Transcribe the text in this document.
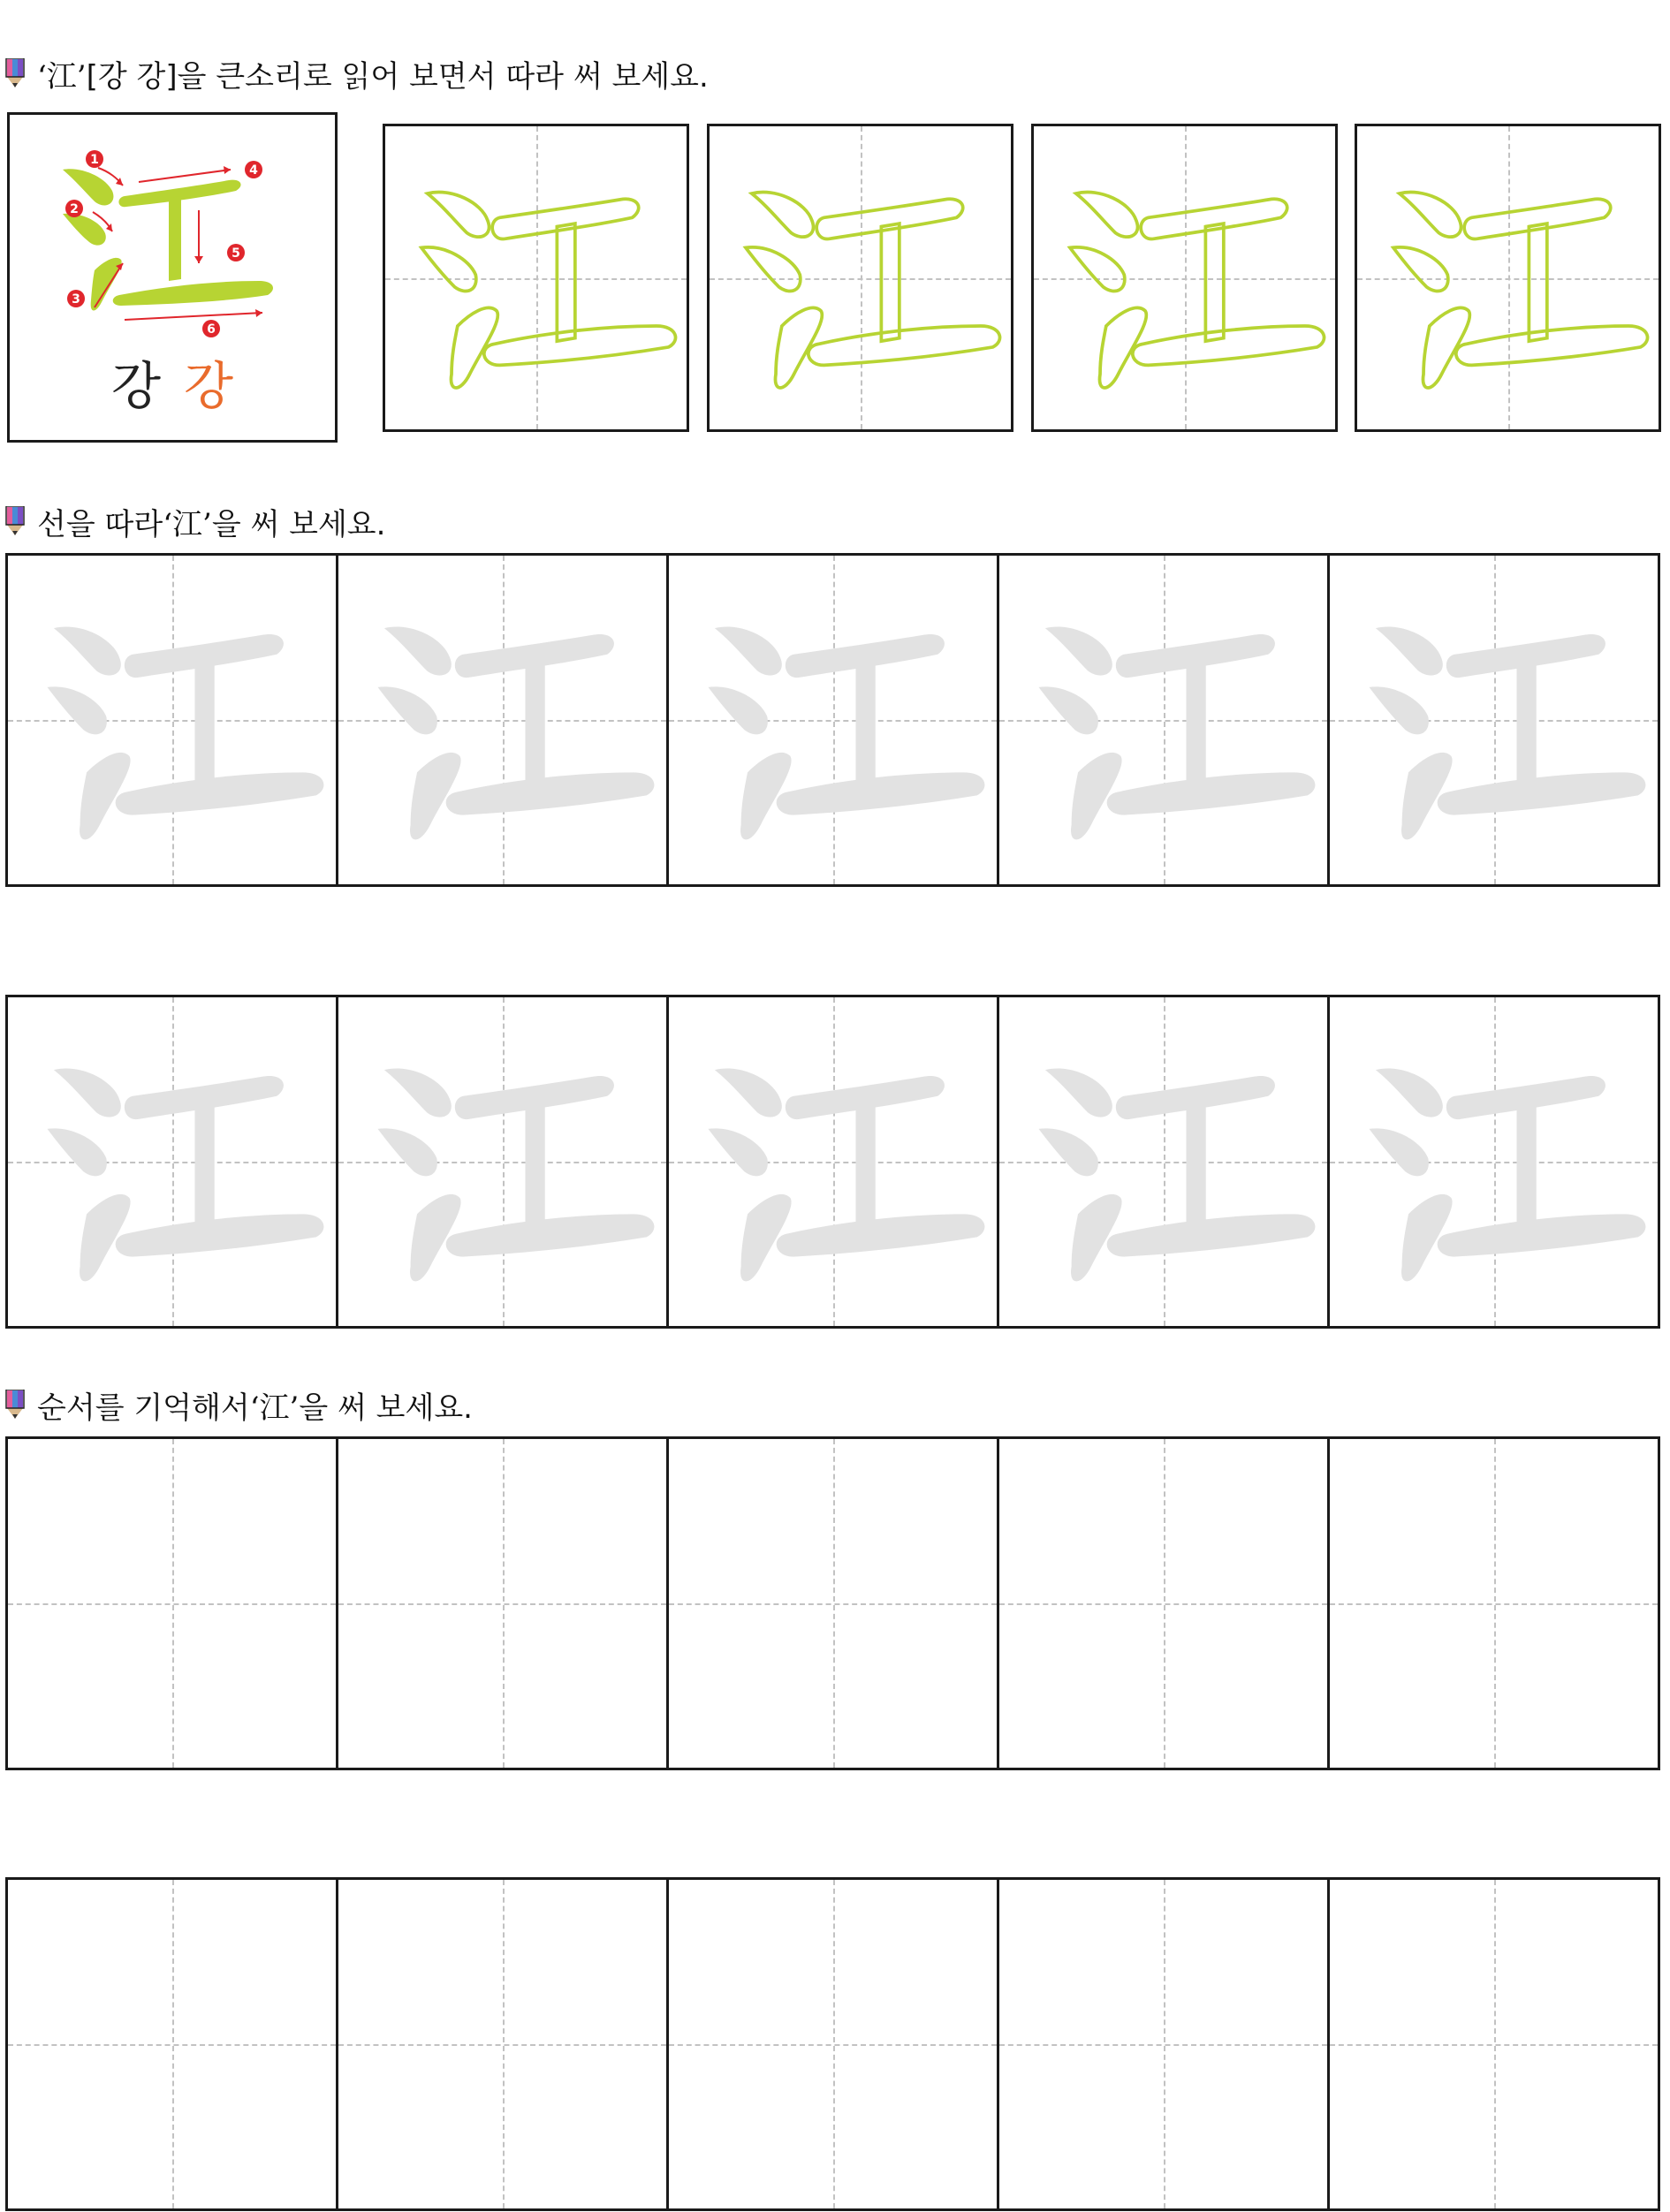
‘江’ [강 강]을 큰소리로 읽어 보면서 따라 써 보세요.
1
2
3
4
5
6
강 강
선을 따라 ‘江’ 을 써 보세요.
순서를 기억해서 ‘江’ 을 써 보세요.
